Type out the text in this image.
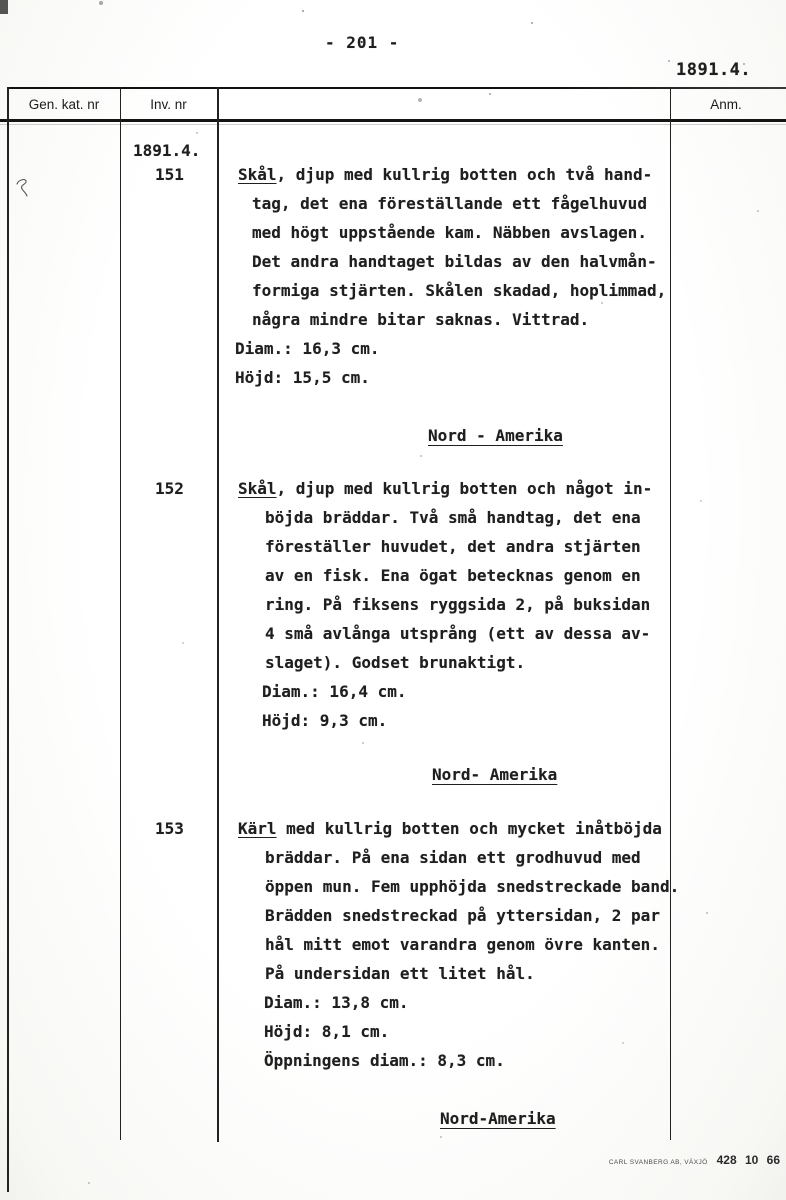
- 201 -
1891.4.
Gen. kat. nr	Inv. nr	Anm.
1891.4.
151	Skål, djup med kullrig botten och två hand-
tag, det ena föreställande ett fågelhuvud
med högt uppstående kam. Näbben avslagen.
Det andra handtaget bildas av den halvmån-
formiga stjärten. Skålen skadad, hoplimmad,
några mindre bitar saknas. Vittrad.
Diam.: 16,3 cm.
Höjd: 15,5 cm.
Nord - Amerika
152	Skål, djup med kullrig botten och något in-
böjda bräddar. Två små handtag, det ena
föreställer huvudet, det andra stjärten
av en fisk. Ena ögat betecknas genom en
ring. På fiksens ryggsida 2, på buksidan
4 små avlånga utsprång (ett av dessa av-
slaget). Godset brunaktigt.
Diam.: 16,4 cm.
Höjd: 9,3 cm.
Nord- Amerika
153	Kärl med kullrig botten och mycket inåtböjda
bräddar. På ena sidan ett grodhuvud med
öppen mun. Fem upphöjda snedstreckade band.
Brädden snedstreckad på yttersidan, 2 par
hål mitt emot varandra genom övre kanten.
På undersidan ett litet hål.
Diam.: 13,8 cm.
Höjd: 8,1 cm.
Öppningens diam.: 8,3 cm.
Nord-Amerika
CARL SVANBERG AB, VÄXJÖ 428 10 66
